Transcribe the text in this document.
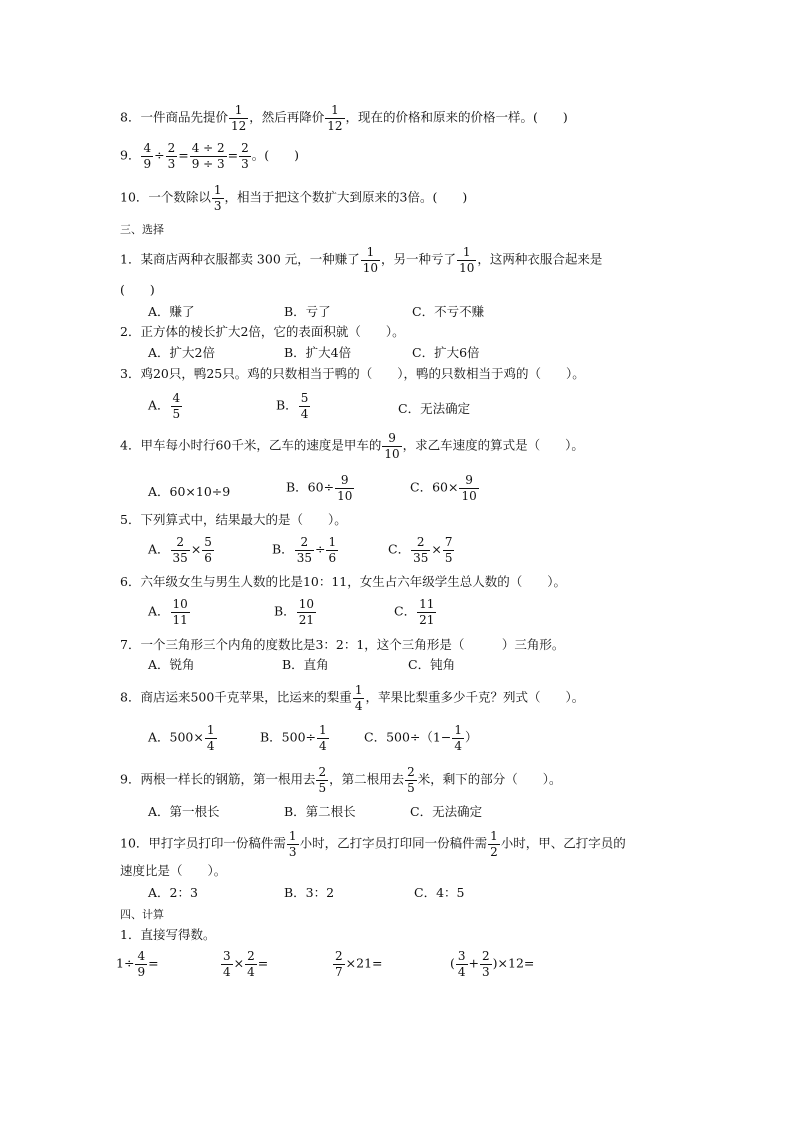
8．一件商品先提价 $\frac{1}{12}$ ，然后再降价 $\frac{1}{12}$ ，现在的价格和原来的价格一样。(　　)
9． $\frac{4}{9} \div \frac{2}{3} = \frac{4 \div 2}{9 \div 3} = \frac{2}{3}$ 。(　　)
10．一个数除以 $\frac{1}{3}$ ，相当于把这个数扩大到原来的3倍。(　　)
三、选择
1．某商店两种衣服都卖 300 元，一种赚了 $\frac{1}{10}$ ，另一种亏了 $\frac{1}{10}$ ，这两种衣服合起来是
(　　)
A．赚了	B．亏了	C．不亏不赚
2．正方体的棱长扩大2倍，它的表面积就（　　）。
A．扩大2倍	B．扩大4倍	C．扩大6倍
3．鸡20只，鸭25只。鸡的只数相当于鸭的（　　），鸭的只数相当于鸡的（　　）。
A． $\frac{4}{5}$	B． $\frac{5}{4}$	C．无法确定
4．甲车每小时行60千米，乙车的速度是甲车的 $\frac{9}{10}$ ，求乙车速度的算式是（　　）。
A．60×10÷9	B．$60\div \frac{9}{10}$	C．$60\times \frac{9}{10}$
5．下列算式中，结果最大的是（　　）。
A． $\frac{2}{35} \times \frac{5}{6}$	B． $\frac{2}{35} \div \frac{1}{6}$	C． $\frac{2}{35} \times \frac{7}{5}$
6．六年级女生与男生人数的比是10：11，女生占六年级学生总人数的（　　）。
A． $\frac{10}{11}$	B． $\frac{10}{21}$	C． $\frac{11}{21}$
7．一个三角形三个内角的度数比是3：2：1，这个三角形是（　　　）三角形。
A．锐角	B．直角	C．钝角
8．商店运来500千克苹果，比运来的梨重 $\frac{1}{4}$ ，苹果比梨重多少千克？列式（　　）。
A．$500\times \frac{1}{4}$	B．$500\div \frac{1}{4}$	C．$500\div(1- \frac{1}{4}$ ）
9．两根一样长的钢筋，第一根用去 $\frac{2}{5}$ ，第二根用去 $\frac{2}{5}$ 米，剩下的部分（　　）。
A．第一根长	B．第二根长	C．无法确定
10．甲打字员打印一份稿件需 $\frac{1}{3}$ 小时，乙打字员打印同一份稿件需 $\frac{1}{2}$ 小时，甲、乙打字员的
速度比是（　　）。
A．2：3	B．3：2	C．4：5
四、计算
1．直接写得数。
$1\div \frac{4}{9}$ =	$\frac{3}{4} \times \frac{2}{4}$ =	$\frac{2}{7} \times 21=$	( $\frac{3}{4} + \frac{2}{3} )\times 12=$
